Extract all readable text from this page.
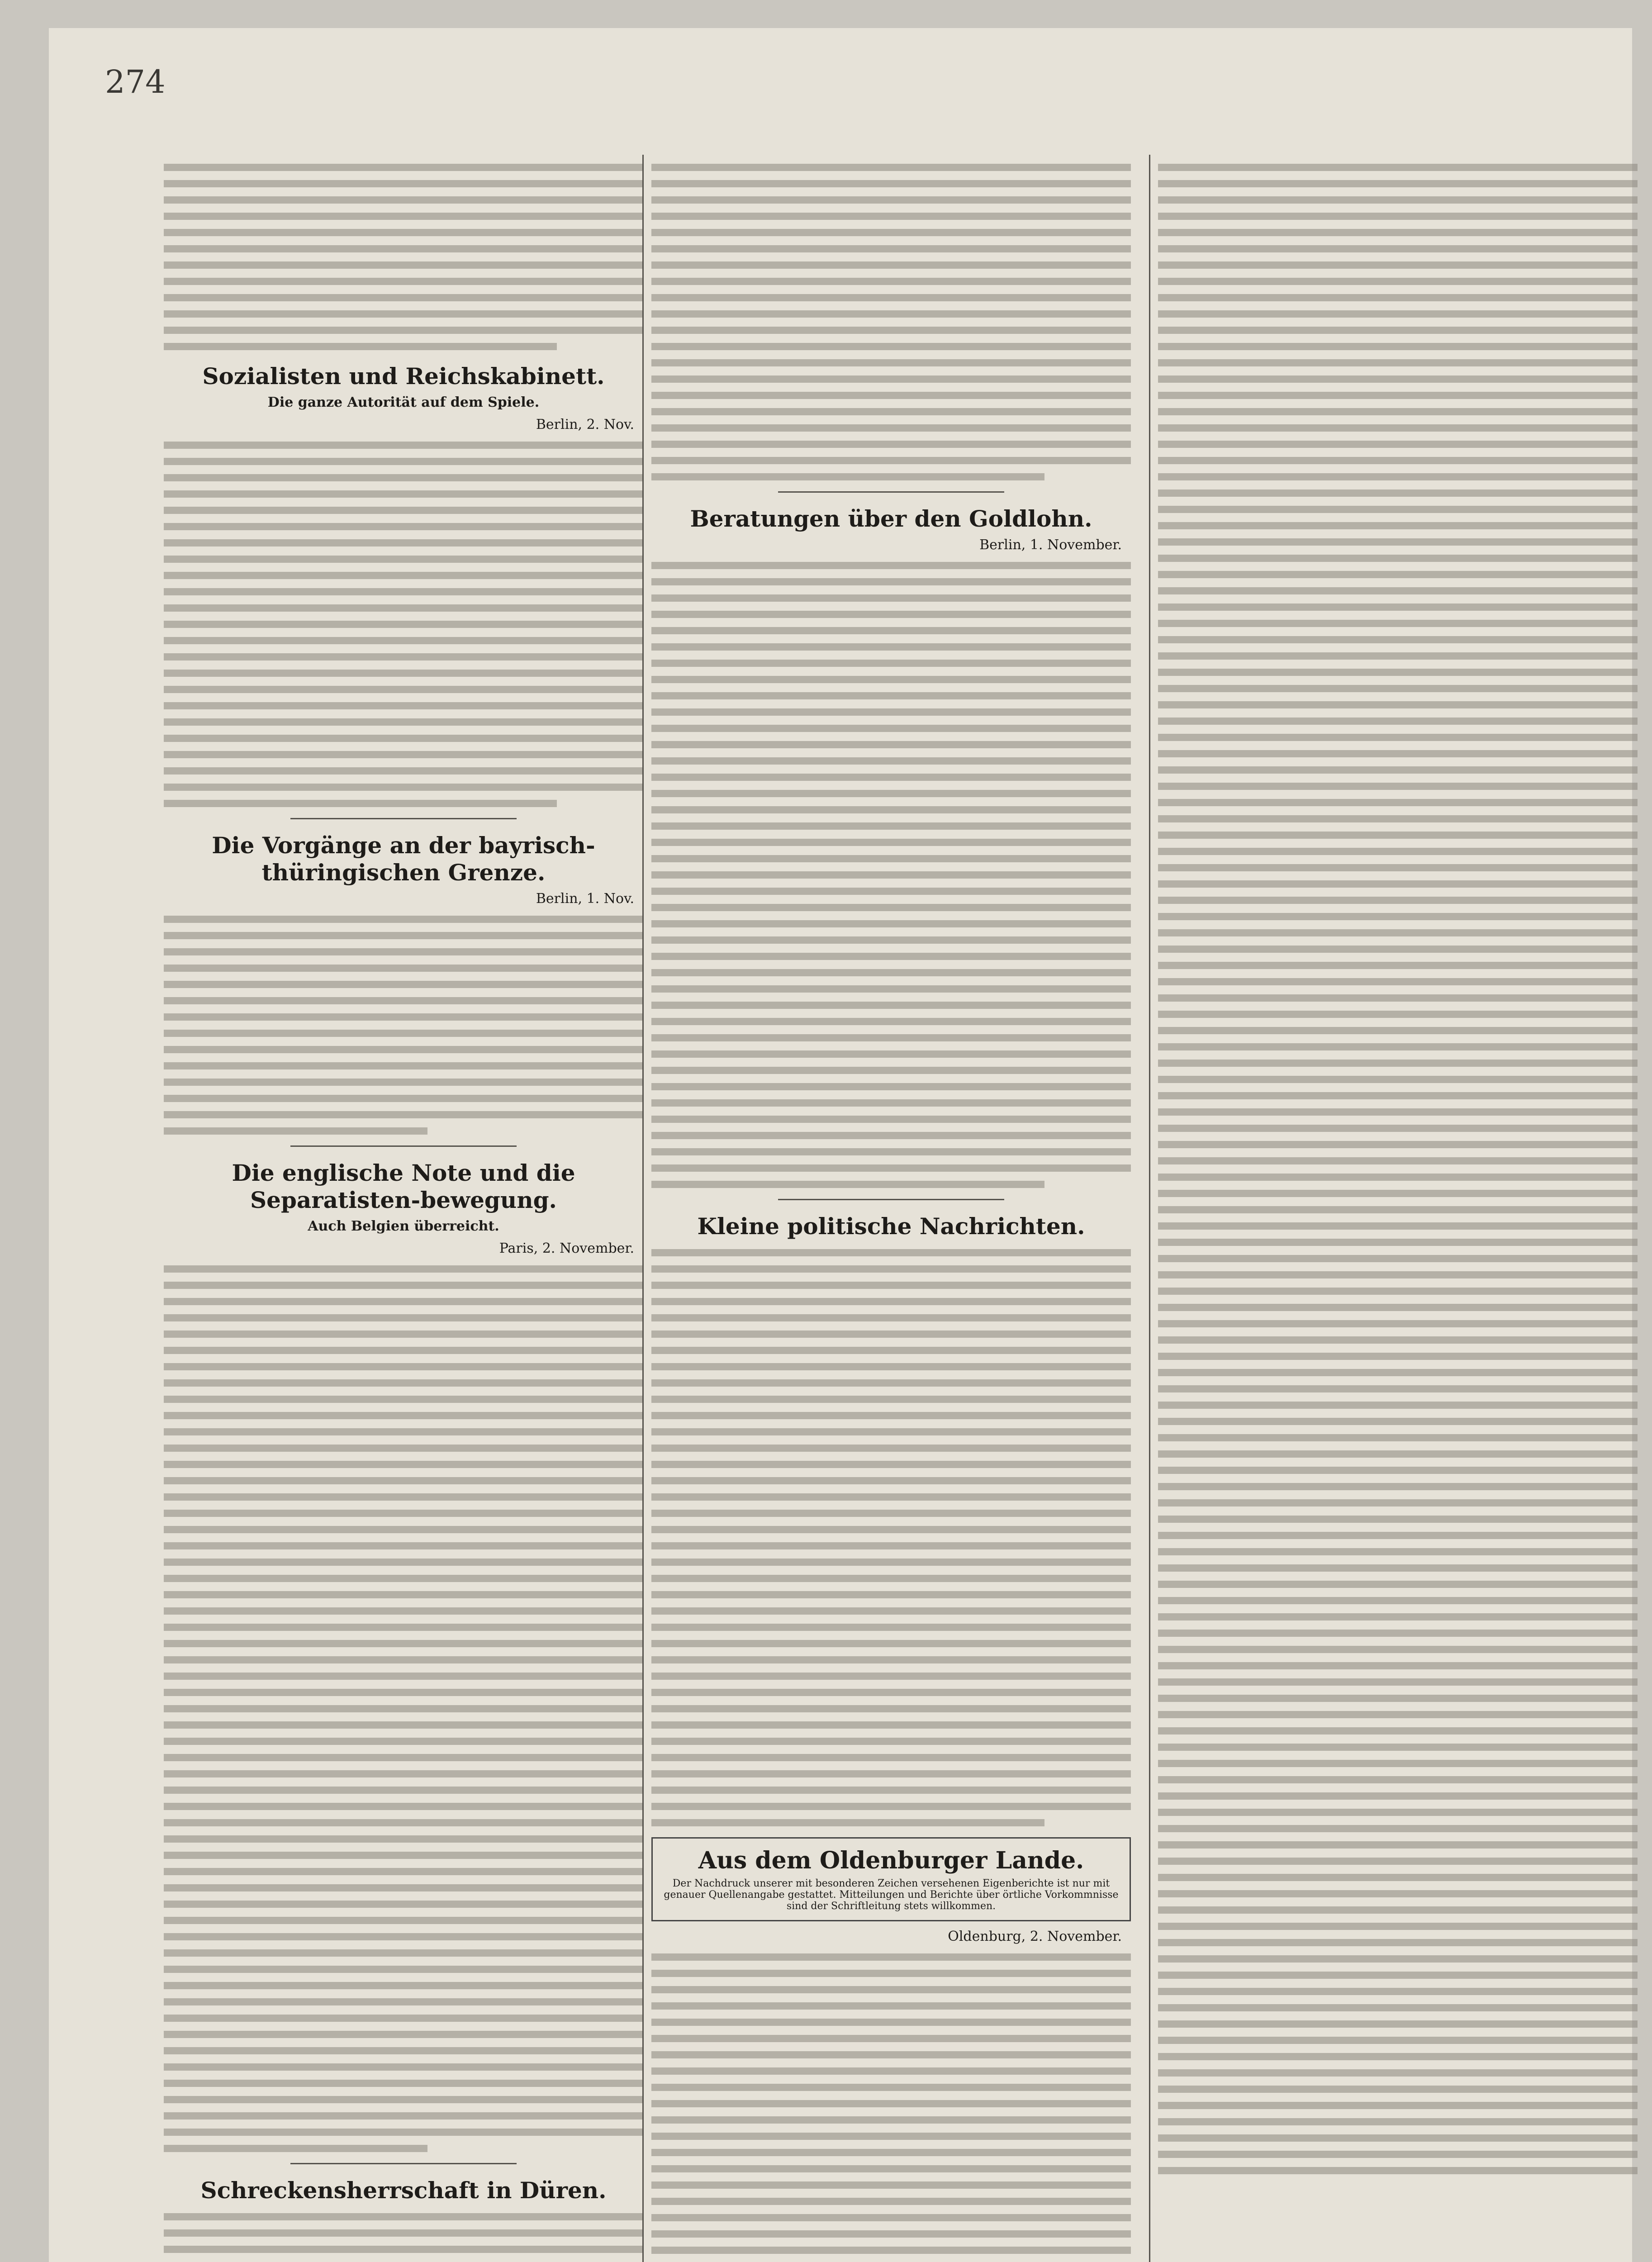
274
Sozialisten und Reichskabinett.
Die ganze Autorität auf dem Spiele.
Berlin, 2. Nov.
Die Vorgänge an der bayrisch-thüringischen Grenze.
Berlin, 1. Nov.
Die englische Note und die Separatisten-bewegung.
Auch Belgien überreicht.
Paris, 2. November.
Schreckensherrschaft in Düren.
Beratungen über den Goldlohn.
Berlin, 1. November.
Kleine politische Nachrichten.
Aus dem Oldenburger Lande.
Der Nachdruck unserer mit besonderen Zeichen versehenen Eigenberichte ist nur mit genauer Quellenangabe gestattet. Mitteilungen und Berichte über örtliche Vorkommnisse sind der Schriftleitung stets willkommen.
Oldenburg, 2. November.
